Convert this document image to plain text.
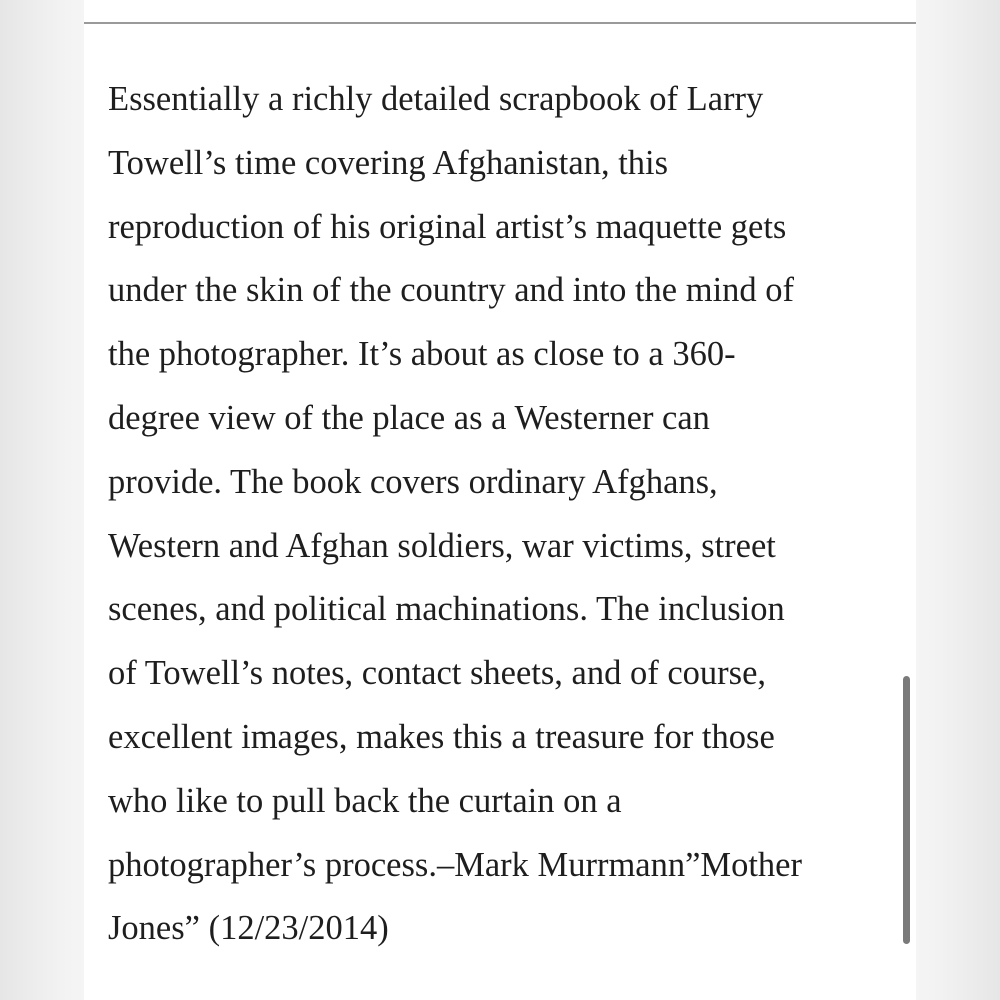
Essentially a richly detailed scrapbook of Larry
Towell’s time covering Afghanistan, this
reproduction of his original artist’s maquette gets
under the skin of the country and into the mind of
the photographer. It’s about as close to a 360-
degree view of the place as a Westerner can
provide. The book covers ordinary Afghans,
Western and Afghan soldiers, war victims, street
scenes, and political machinations. The inclusion
of Towell’s notes, contact sheets, and of course,
excellent images, makes this a treasure for those
who like to pull back the curtain on a
photographer’s process.–Mark Murrmann”Mother
Jones” (12/23/2014)
